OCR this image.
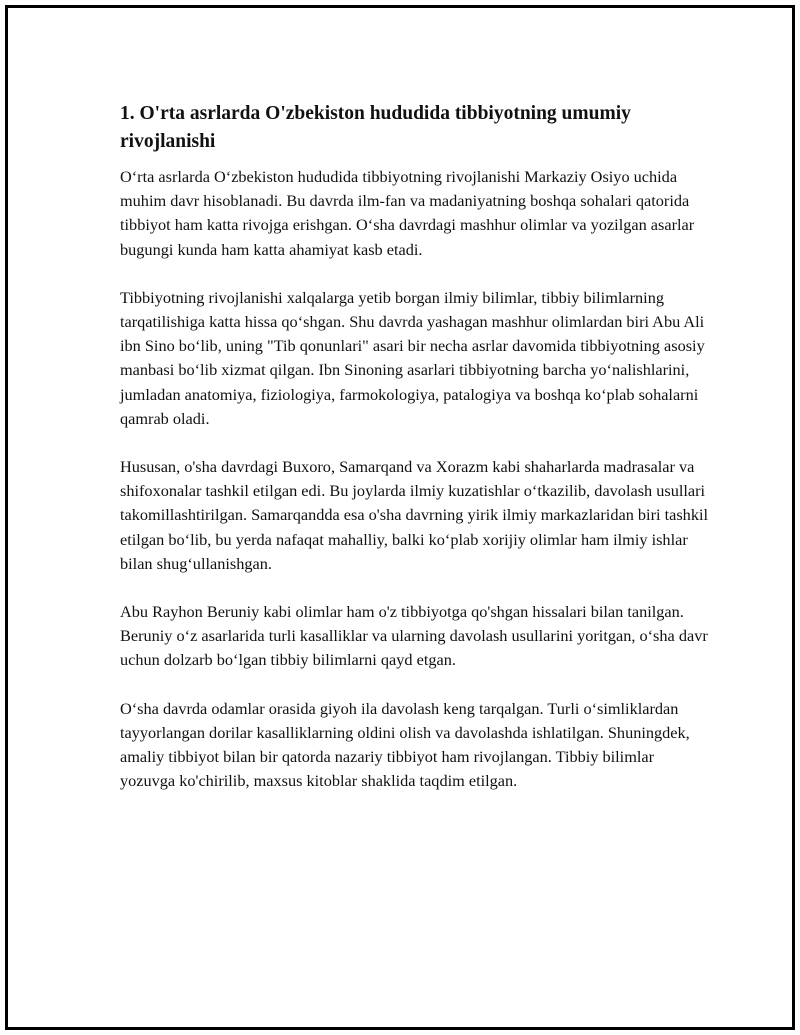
1. O'rta asrlarda O'zbekiston hududida tibbiyotning umumiy rivojlanishi

O‘rta asrlarda O‘zbekiston hududida tibbiyotning rivojlanishi Markaziy Osiyo uchida muhim davr hisoblanadi. Bu davrda ilm-fan va madaniyatning boshqa sohalari qatorida tibbiyot ham katta rivojga erishgan. O‘sha davrdagi mashhur olimlar va yozilgan asarlar bugungi kunda ham katta ahamiyat kasb etadi.

Tibbiyotning rivojlanishi xalqalarga yetib borgan ilmiy bilimlar, tibbiy bilimlarning tarqatilishiga katta hissa qo‘shgan. Shu davrda yashagan mashhur olimlardan biri Abu Ali ibn Sino bo‘lib, uning "Tib qonunlari" asari bir necha asrlar davomida tibbiyotning asosiy manbasi bo‘lib xizmat qilgan. Ibn Sinoning asarlari tibbiyotning barcha yo‘nalishlarini, jumladan anatomiya, fiziologiya, farmokologiya, patalogiya va boshqa ko‘plab sohalarni qamrab oladi.

Hususan, o'sha davrdagi Buxoro, Samarqand va Xorazm kabi shaharlarda madrasalar va shifoxonalar tashkil etilgan edi. Bu joylarda ilmiy kuzatishlar o‘tkazilib, davolash usullari takomillashtirilgan. Samarqandda esa o'sha davrning yirik ilmiy markazlaridan biri tashkil etilgan bo‘lib, bu yerda nafaqat mahalliy, balki ko‘plab xorijiy olimlar ham ilmiy ishlar bilan shug‘ullanishgan.

Abu Rayhon Beruniy kabi olimlar ham o'z tibbiyotga qo'shgan hissalari bilan tanilgan. Beruniy o‘z asarlarida turli kasalliklar va ularning davolash usullarini yoritgan, o‘sha davr uchun dolzarb bo‘lgan tibbiy bilimlarni qayd etgan.

O‘sha davrda odamlar orasida giyoh ila davolash keng tarqalgan. Turli o‘simliklardan tayyorlangan dorilar kasalliklarning oldini olish va davolashda ishlatilgan. Shuningdek, amaliy tibbiyot bilan bir qatorda nazariy tibbiyot ham rivojlangan. Tibbiy bilimlar yozuvga ko'chirilib, maxsus kitoblar shaklida taqdim etilgan.
